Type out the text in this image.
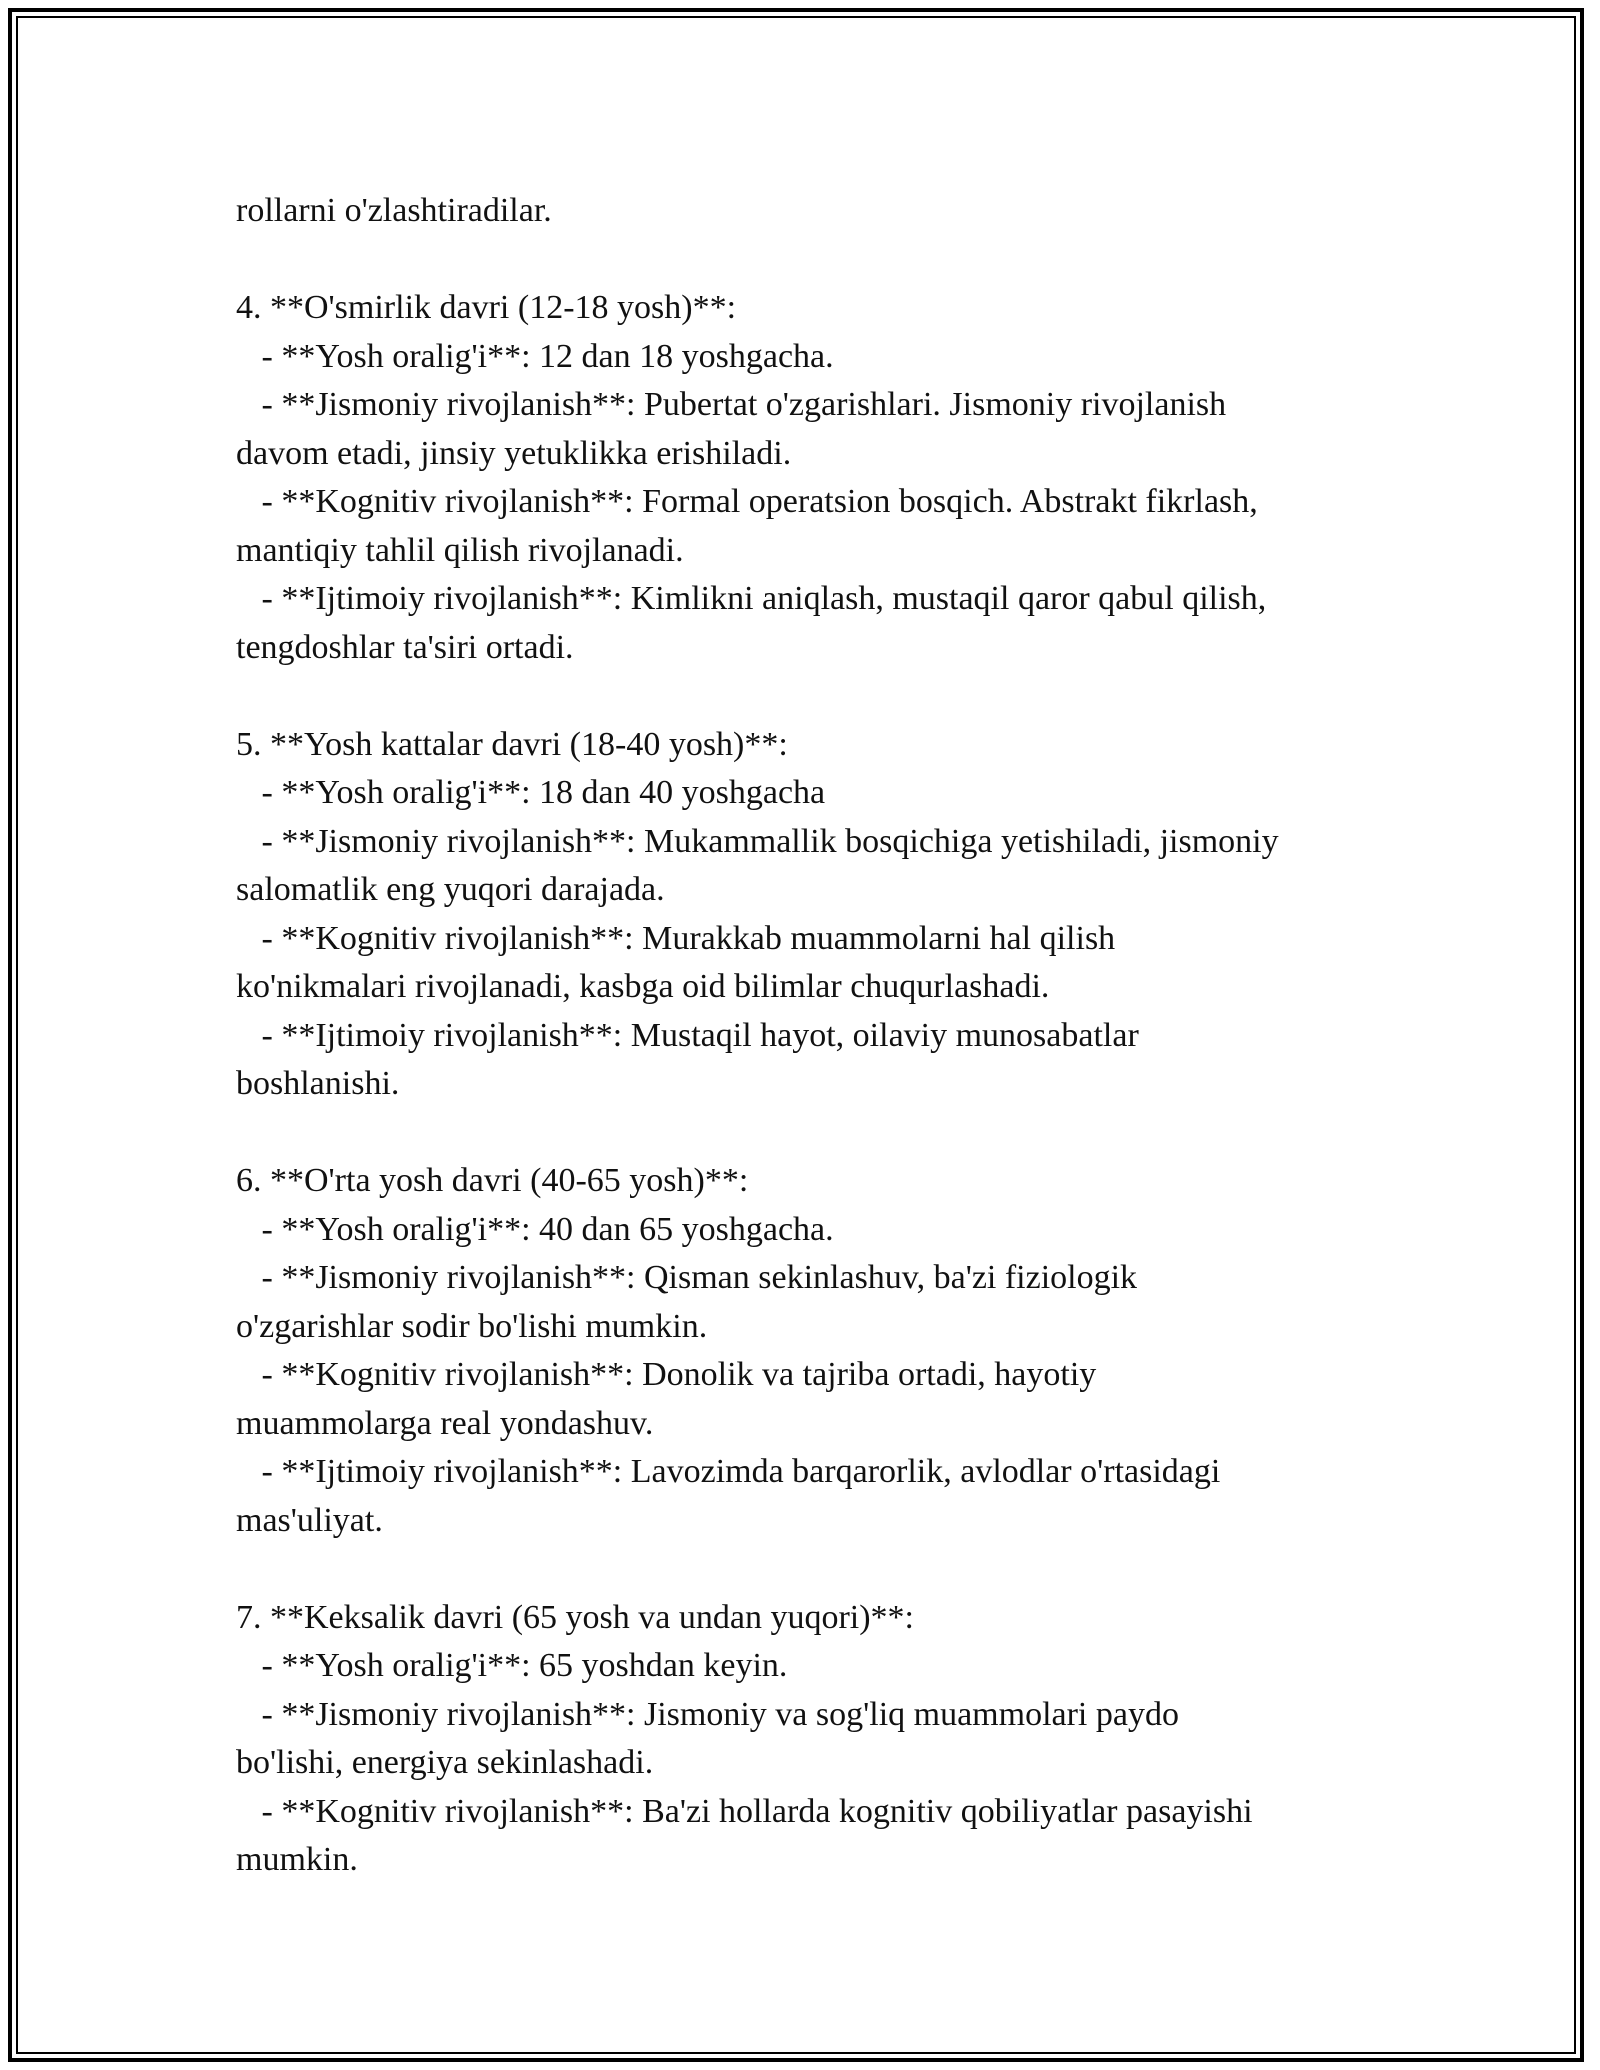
rollarni o'zlashtiradilar.
4. **O'smirlik davri (12-18 yosh)**:
- **Yosh oralig'i**: 12 dan 18 yoshgacha.
- **Jismoniy rivojlanish**: Pubertat o'zgarishlari. Jismoniy rivojlanish
davom etadi, jinsiy yetuklikka erishiladi.
- **Kognitiv rivojlanish**: Formal operatsion bosqich. Abstrakt fikrlash,
mantiqiy tahlil qilish rivojlanadi.
- **Ijtimoiy rivojlanish**: Kimlikni aniqlash, mustaqil qaror qabul qilish,
tengdoshlar ta'siri ortadi.
5. **Yosh kattalar davri (18-40 yosh)**:
- **Yosh oralig'i**: 18 dan 40 yoshgacha
- **Jismoniy rivojlanish**: Mukammallik bosqichiga yetishiladi, jismoniy
salomatlik eng yuqori darajada.
- **Kognitiv rivojlanish**: Murakkab muammolarni hal qilish
ko'nikmalari rivojlanadi, kasbga oid bilimlar chuqurlashadi.
- **Ijtimoiy rivojlanish**: Mustaqil hayot, oilaviy munosabatlar
boshlanishi.
6. **O'rta yosh davri (40-65 yosh)**:
- **Yosh oralig'i**: 40 dan 65 yoshgacha.
- **Jismoniy rivojlanish**: Qisman sekinlashuv, ba'zi fiziologik
o'zgarishlar sodir bo'lishi mumkin.
- **Kognitiv rivojlanish**: Donolik va tajriba ortadi, hayotiy
muammolarga real yondashuv.
- **Ijtimoiy rivojlanish**: Lavozimda barqarorlik, avlodlar o'rtasidagi
mas'uliyat.
7. **Keksalik davri (65 yosh va undan yuqori)**:
- **Yosh oralig'i**: 65 yoshdan keyin.
- **Jismoniy rivojlanish**: Jismoniy va sog'liq muammolari paydo
bo'lishi, energiya sekinlashadi.
- **Kognitiv rivojlanish**: Ba'zi hollarda kognitiv qobiliyatlar pasayishi
mumkin.
